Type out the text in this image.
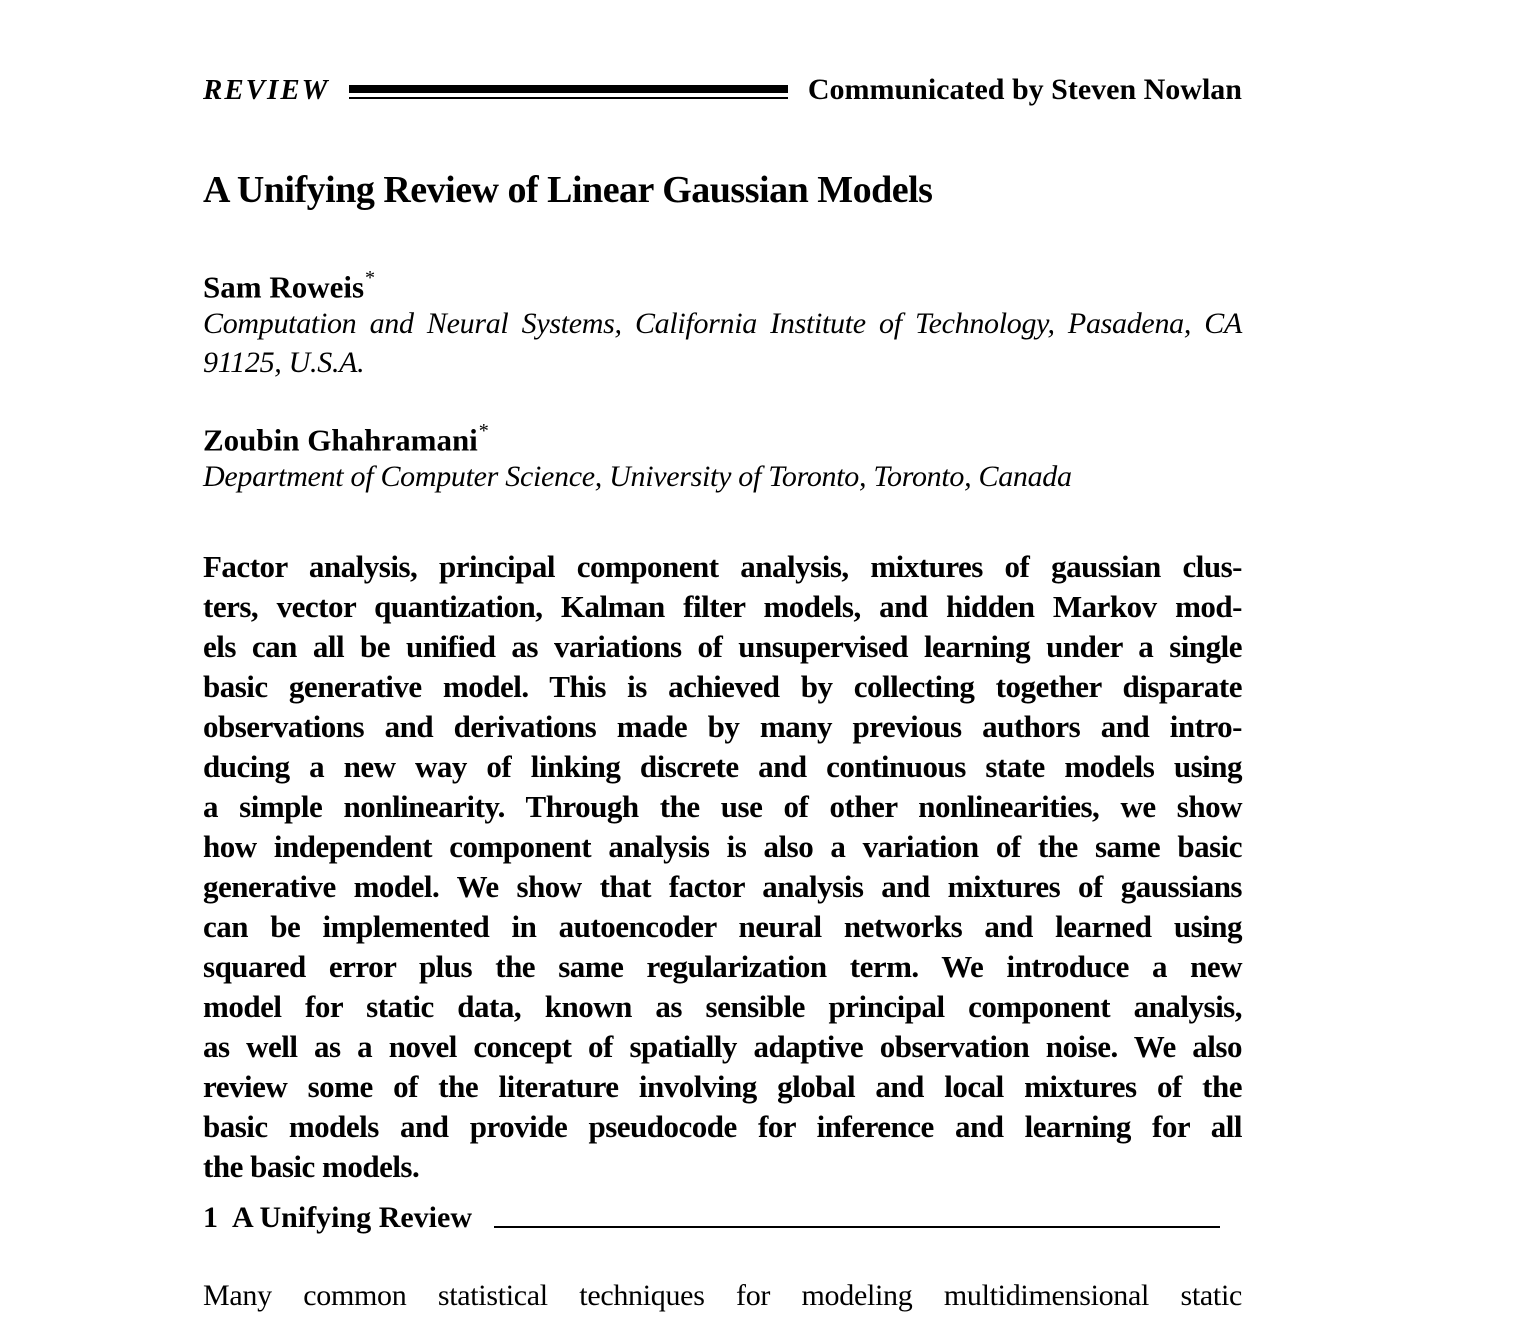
REVIEW	Communicated by Steven Nowlan
A Unifying Review of Linear Gaussian Models
Sam Roweis*
Computation and Neural Systems, California Institute of Technology, Pasadena, CA
91125, U.S.A.
Zoubin Ghahramani*
Department of Computer Science, University of Toronto, Toronto, Canada
Factor analysis, principal component analysis, mixtures of gaussian clus-
ters, vector quantization, Kalman filter models, and hidden Markov mod-
els can all be unified as variations of unsupervised learning under a single
basic generative model. This is achieved by collecting together disparate
observations and derivations made by many previous authors and intro-
ducing a new way of linking discrete and continuous state models using
a simple nonlinearity. Through the use of other nonlinearities, we show
how independent component analysis is also a variation of the same basic
generative model. We show that factor analysis and mixtures of gaussians
can be implemented in autoencoder neural networks and learned using
squared error plus the same regularization term. We introduce a new
model for static data, known as sensible principal component analysis,
as well as a novel concept of spatially adaptive observation noise. We also
review some of the literature involving global and local mixtures of the
basic models and provide pseudocode for inference and learning for all
the basic models.
1 A Unifying Review
Many common statistical techniques for modeling multidimensional static
